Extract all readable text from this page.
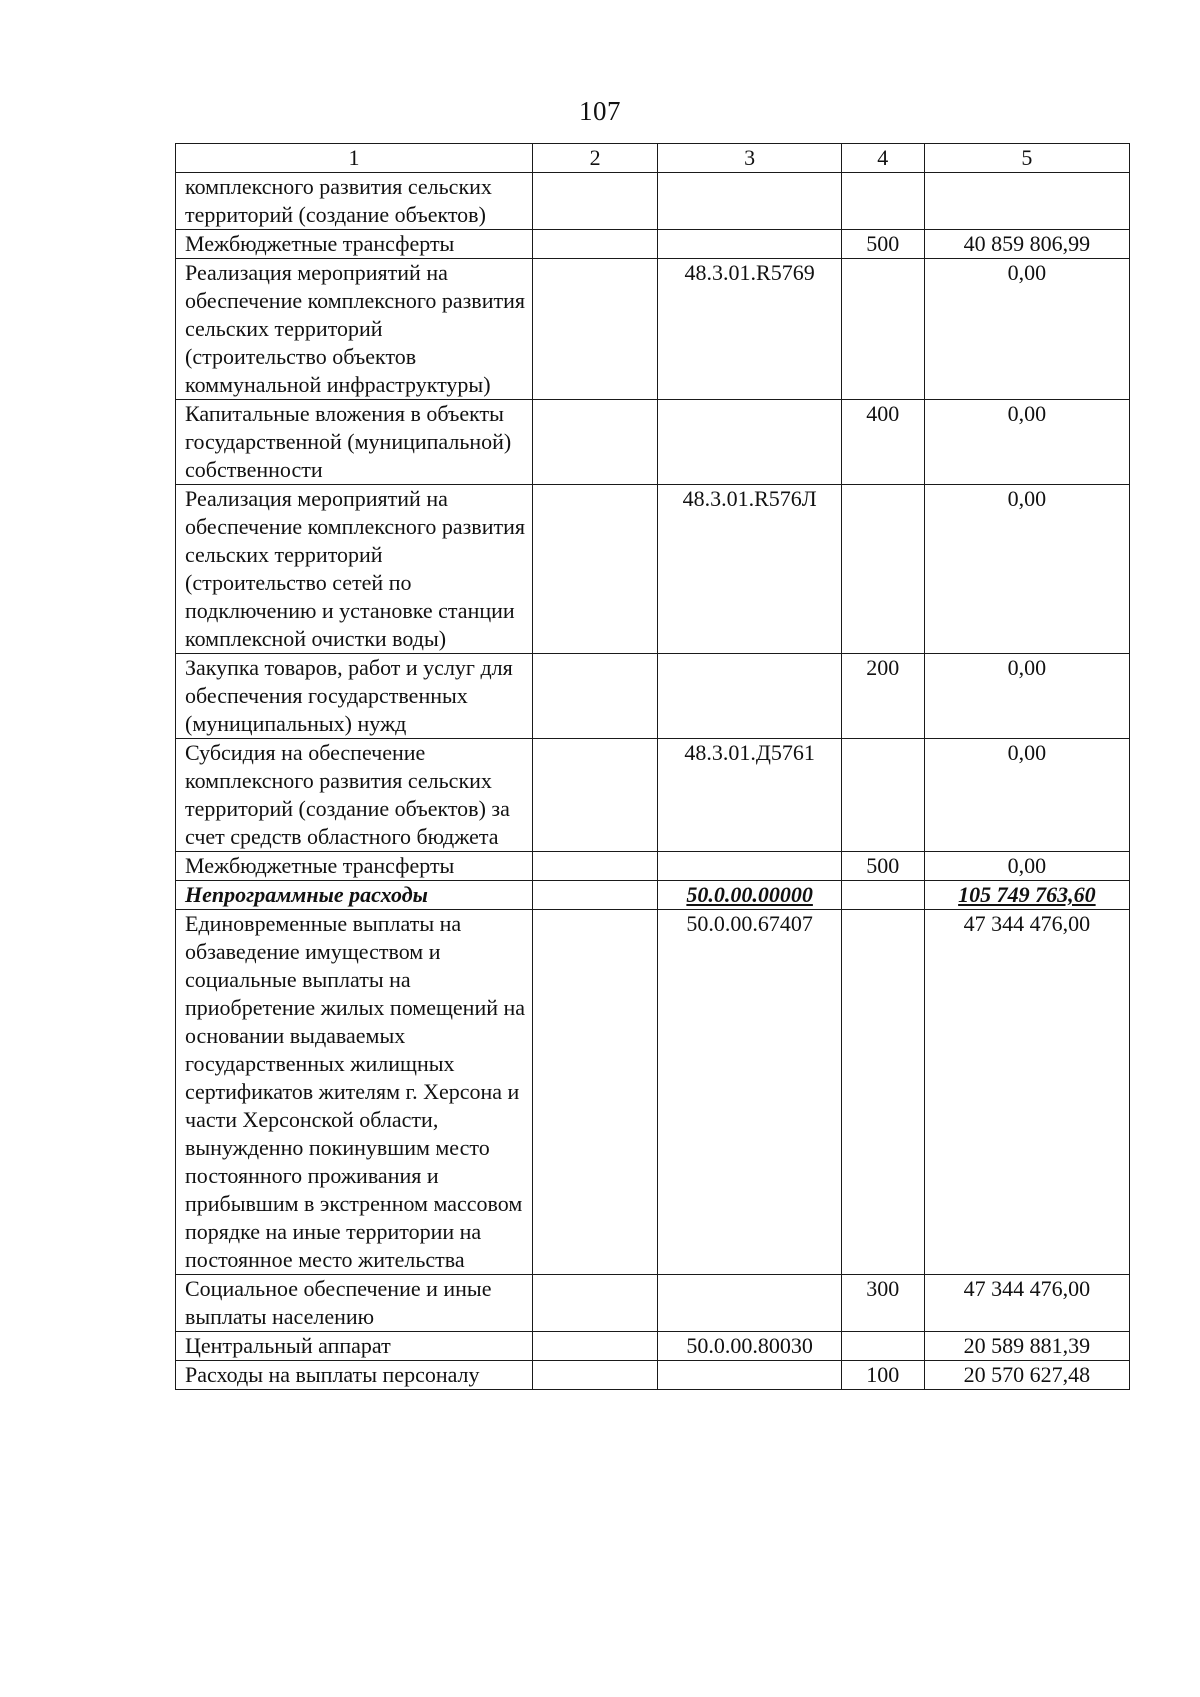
107
1	2	3	4	5
комплексного развития сельских территорий (создание объектов)				
Межбюджетные трансферты			500	40 859 806,99
Реализация мероприятий на обеспечение комплексного развития сельских территорий (строительство объектов коммунальной инфраструктуры)		48.3.01.R5769		0,00
Капитальные вложения в объекты государственной (муниципальной) собственности			400	0,00
Реализация мероприятий на обеспечение комплексного развития сельских территорий (строительство сетей по подключению и установке станции комплексной очистки воды)		48.3.01.R576Л		0,00
Закупка товаров, работ и услуг для обеспечения государственных (муниципальных) нужд			200	0,00
Субсидия на обеспечение комплексного развития сельских территорий (создание объектов) за счет средств областного бюджета		48.3.01.Д5761		0,00
Межбюджетные трансферты			500	0,00
Непрограммные расходы		50.0.00.00000		105 749 763,60
Единовременные выплаты на обзаведение имуществом и социальные выплаты на приобретение жилых помещений на основании выдаваемых государственных жилищных сертификатов жителям г. Херсона и части Херсонской области, вынужденно покинувшим место постоянного проживания и прибывшим в экстренном массовом порядке на иные территории на постоянное место жительства		50.0.00.67407		47 344 476,00
Социальное обеспечение и иные выплаты населению			300	47 344 476,00
Центральный аппарат		50.0.00.80030		20 589 881,39
Расходы на выплаты персоналу			100	20 570 627,48
